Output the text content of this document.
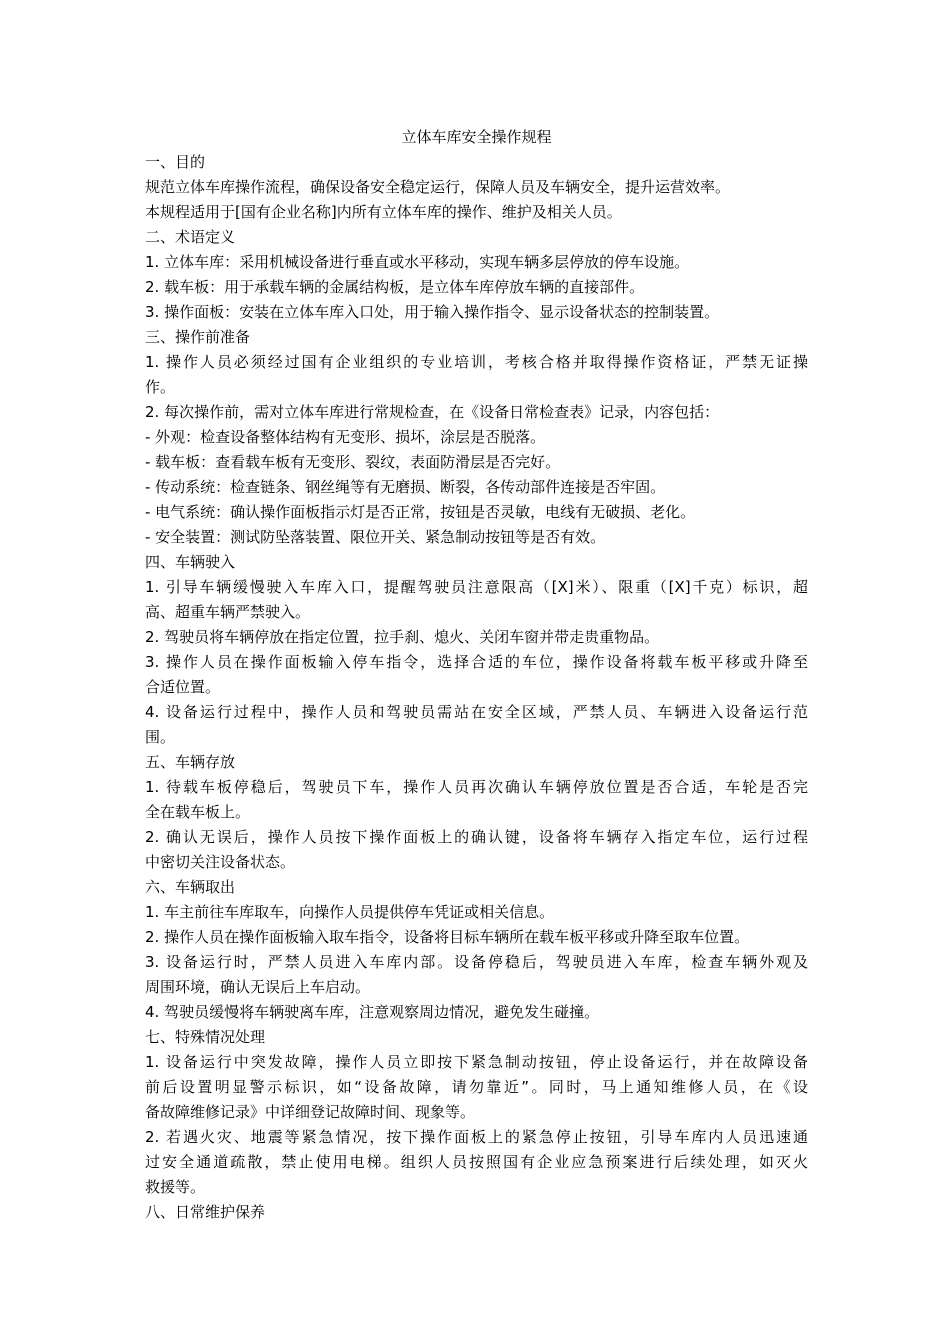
立体车库安全操作规程
一、目的
规范立体车库操作流程，确保设备安全稳定运行，保障人员及车辆安全，提升运营效率。
本规程适用于[国有企业名称]内所有立体车库的操作、维护及相关人员。
二、术语定义
1. 立体车库：采用机械设备进行垂直或水平移动，实现车辆多层停放的停车设施。
2. 载车板：用于承载车辆的金属结构板，是立体车库停放车辆的直接部件。
3. 操作面板：安装在立体车库入口处，用于输入操作指令、显示设备状态的控制装置。
三、操作前准备
1. 操作人员必须经过国有企业组织的专业培训，考核合格并取得操作资格证，严禁无证操
作。
2. 每次操作前，需对立体车库进行常规检查，在《设备日常检查表》记录，内容包括：
- 外观：检查设备整体结构有无变形、损坏，涂层是否脱落。
- 载车板：查看载车板有无变形、裂纹，表面防滑层是否完好。
- 传动系统：检查链条、钢丝绳等有无磨损、断裂，各传动部件连接是否牢固。
- 电气系统：确认操作面板指示灯是否正常，按钮是否灵敏，电线有无破损、老化。
- 安全装置：测试防坠落装置、限位开关、紧急制动按钮等是否有效。
四、车辆驶入
1. 引导车辆缓慢驶入车库入口，提醒驾驶员注意限高（[X]米）、限重（[X]千克）标识，超
高、超重车辆严禁驶入。
2. 驾驶员将车辆停放在指定位置，拉手刹、熄火、关闭车窗并带走贵重物品。
3. 操作人员在操作面板输入停车指令，选择合适的车位，操作设备将载车板平移或升降至
合适位置。
4. 设备运行过程中，操作人员和驾驶员需站在安全区域，严禁人员、车辆进入设备运行范
围。
五、车辆存放
1. 待载车板停稳后，驾驶员下车，操作人员再次确认车辆停放位置是否合适，车轮是否完
全在载车板上。
2. 确认无误后，操作人员按下操作面板上的确认键，设备将车辆存入指定车位，运行过程
中密切关注设备状态。
六、车辆取出
1. 车主前往车库取车，向操作人员提供停车凭证或相关信息。
2. 操作人员在操作面板输入取车指令，设备将目标车辆所在载车板平移或升降至取车位置。
3. 设备运行时，严禁人员进入车库内部。设备停稳后，驾驶员进入车库，检查车辆外观及
周围环境，确认无误后上车启动。
4. 驾驶员缓慢将车辆驶离车库，注意观察周边情况，避免发生碰撞。
七、特殊情况处理
1. 设备运行中突发故障，操作人员立即按下紧急制动按钮，停止设备运行，并在故障设备
前后设置明显警示标识，如“设备故障，请勿靠近”。同时，马上通知维修人员，在《设
备故障维修记录》中详细登记故障时间、现象等。
2. 若遇火灾、地震等紧急情况，按下操作面板上的紧急停止按钮，引导车库内人员迅速通
过安全通道疏散，禁止使用电梯。组织人员按照国有企业应急预案进行后续处理，如灭火
救援等。
八、日常维护保养
